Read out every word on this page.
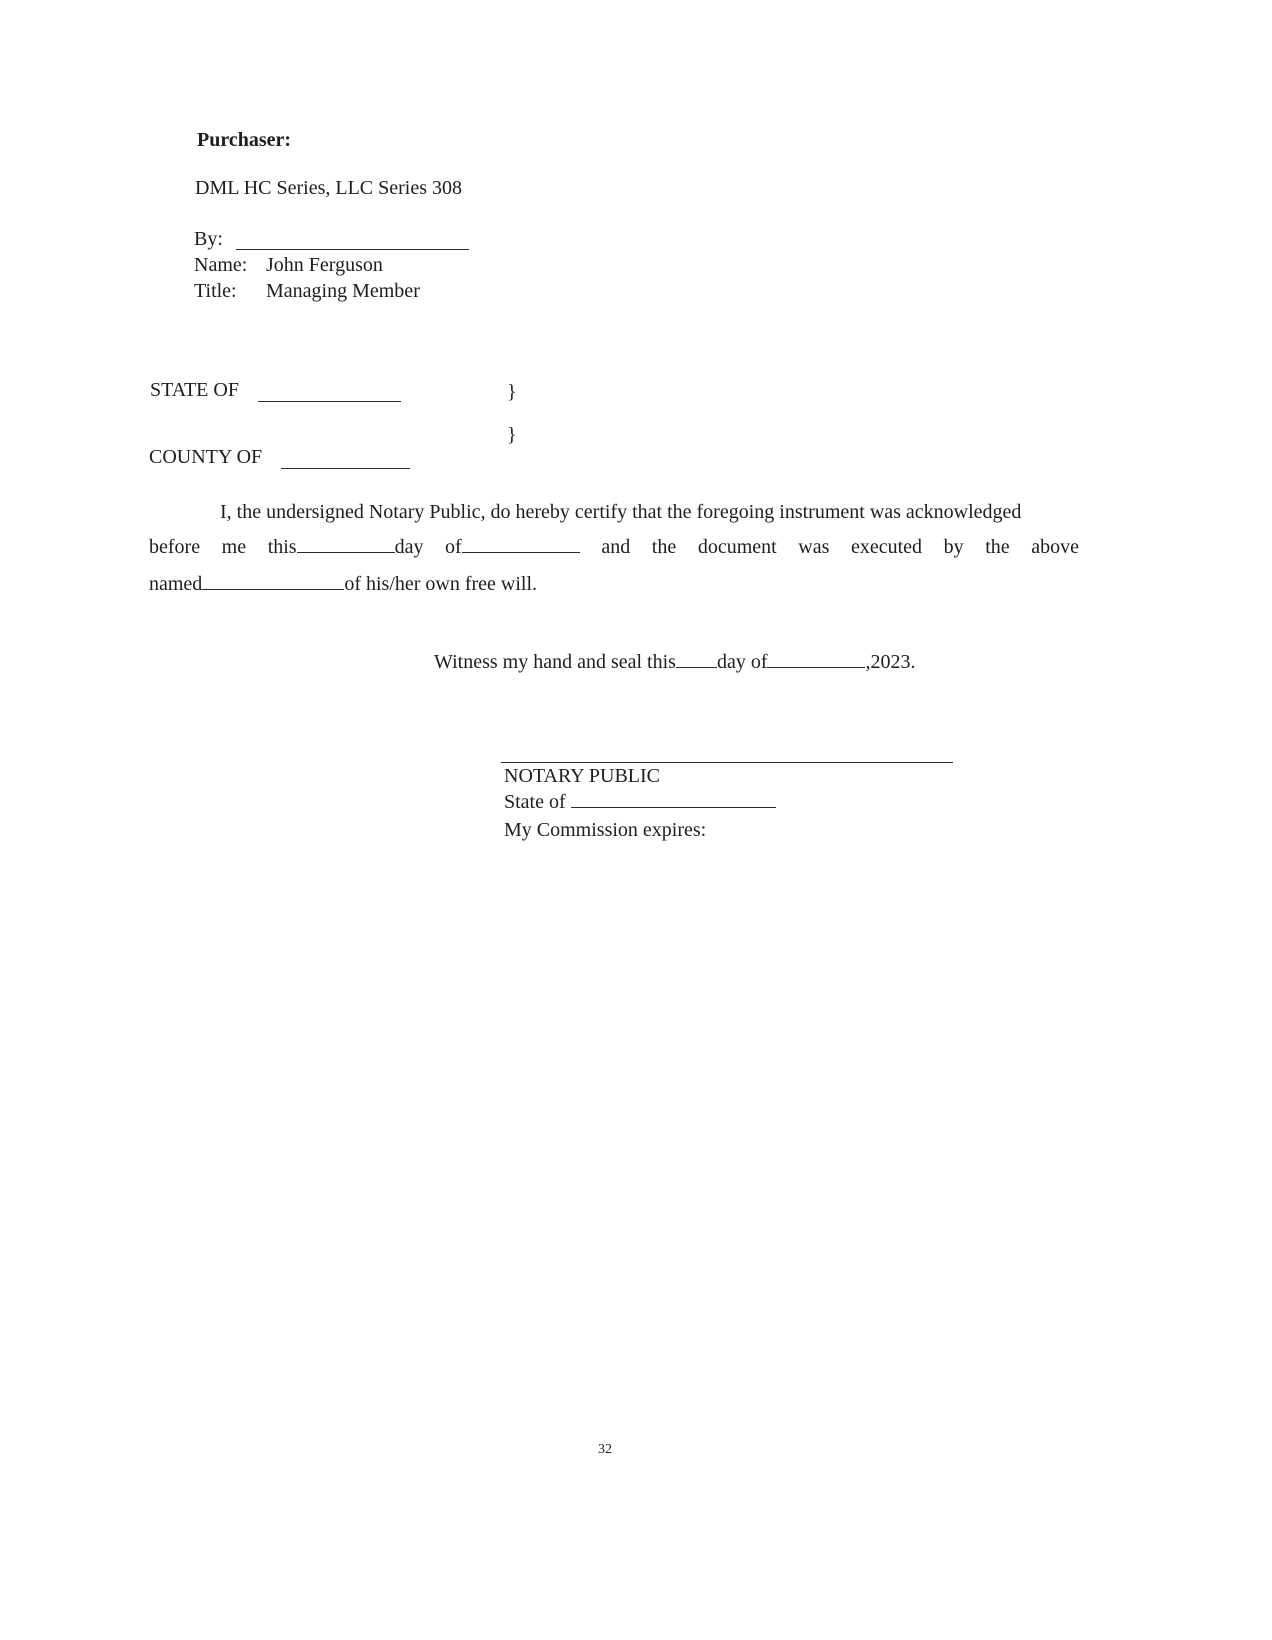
Purchaser:
DML HC Series, LLC Series 308
By:
Name: John Ferguson
Title: Managing Member
STATE OF	}
}
COUNTY OF
I, the undersigned Notary Public, do hereby certify that the foregoing instrument was acknowledged
before me this	day of	and the document was executed by the above
named	of his/her own free will.
Witness my hand and seal this day of	,2023.
NOTARY PUBLIC
State of
My Commission expires:
32
